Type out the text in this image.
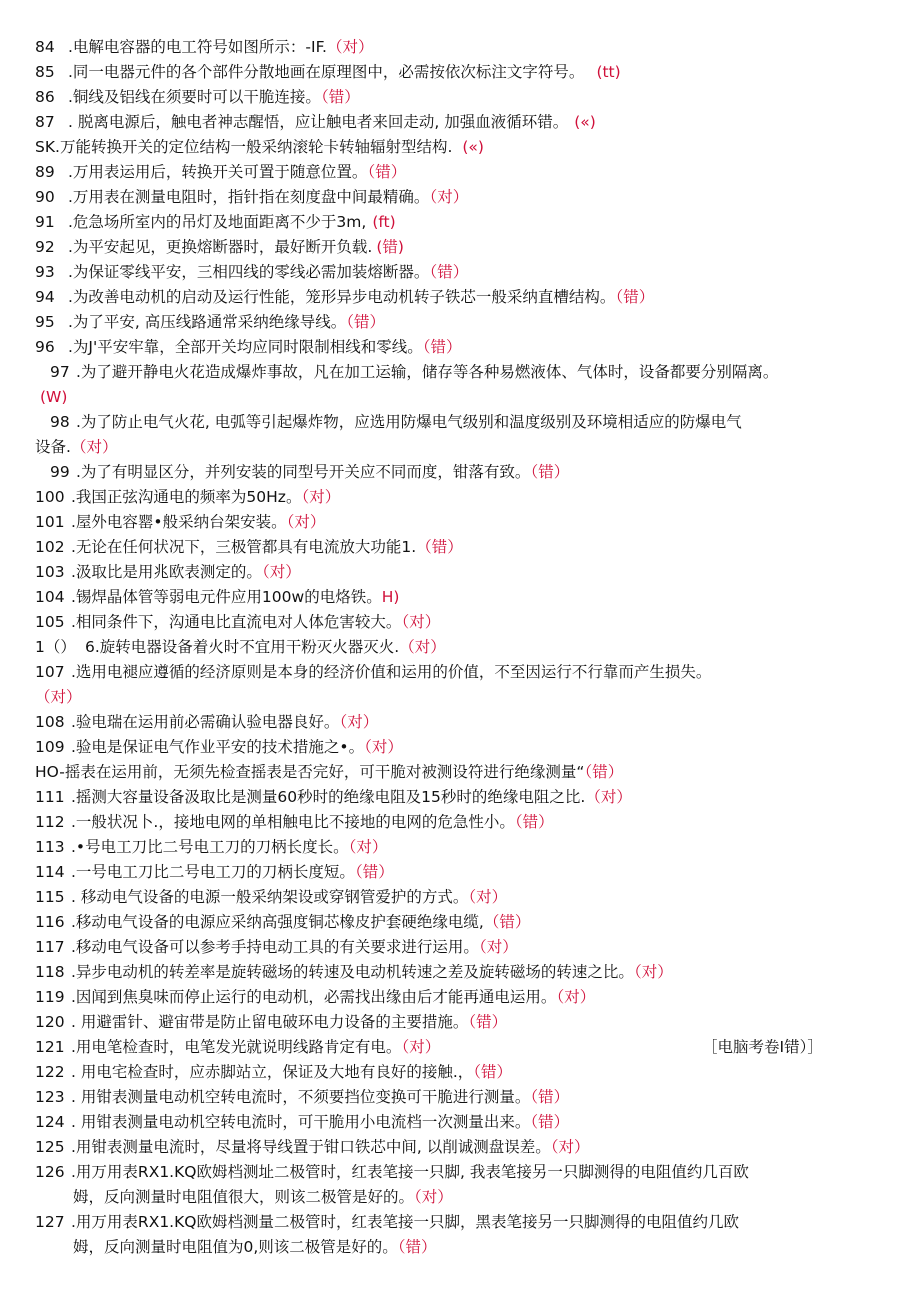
84 .电解电容器的电工符号如图所示：-IF.（对）
85 .同一电器元件的各个部件分散地画在原理图中，必需按依次标注文字符号。 (tt)
86 .铜线及铝线在须要时可以干脆连接。（错）
87 . 脱离电源后，触电者神志醒悟，应让触电者来回走动, 加强血液循环错。 («)
SK.万能转换开关的定位结构一般采纳滚轮卡转轴辐射型结构. («)
89 .万用表运用后，转换开关可置于随意位置。（错）
90 .万用表在测量电阻时，指针指在刻度盘中间最精确。（对）
91 .危急场所室内的吊灯及地面距离不少于3m, (ft)
92 .为平安起见，更换熔断器时，最好断开负载. (错)
93 .为保证零线平安，三相四线的零线必需加装熔断器。（错）
94 .为改善电动机的启动及运行性能，笼形异步电动机转子铁芯一般采纳直槽结构。（错）
95 .为了平安, 高压线路通常采纳绝缘导线。（错）
96 .为J'平安牢靠，全部开关均应同时限制相线和零线。（错）
97 .为了避开静电火花造成爆炸事故，凡在加工运输，储存等各种易燃液体、气体时，设备都要分别隔离。
(W)
98 .为了防止电气火花, 电弧等引起爆炸物，应选用防爆电气级别和温度级别及环境相适应的防爆电气
设备.（对）
99 .为了有明显区分，并列安装的同型号开关应不同而度，钳落有致。（错）
100 .我国正弦沟通电的频率为50Hz。（对）
101 .屋外电容罂•般采纳台架安装。（对）
102 .无论在任何状况下，三极管都具有电流放大功能1.（错）
103 .汲取比是用兆欧表测定的。（对）
104 .锡焊晶体管等弱电元件应用100w的电烙铁。H)
105 .相同条件下，沟通电比直流电对人体危害较大。（对）
1（） 6.旋转电器设备着火时不宜用干粉灭火器灭火.（对）
107 .选用电褪应遵循的经济原则是本身的经济价值和运用的价值，不至因运行不行靠而产生损失。
（对）
108 .验电瑞在运用前必需确认验电器良好。（对）
109 .验电是保证电气作业平安的技术措施之•。（对）
HO-摇表在运用前，无须先检查摇表是否完好，可干脆对被测设符进行绝缘测量“（错）
111 .摇测大容量设备汲取比是测量60秒时的绝缘电阻及15秒时的绝缘电阻之比.（对）
112 .一般状况卜.，接地电网的单相触电比不接地的电网的危急性小。（错）
113 .•号电工刀比二号电工刀的刀柄长度长。（对）
114 .一号电工刀比二号电工刀的刀柄长度短。（错）
115 . 移动电气设备的电源一般采纳架设或穿钢管爱护的方式。（对）
116 .移动电气设备的电源应采纳高强度铜芯橡皮护套硬绝缘电缆,（错）
117 .移动电气设备可以参考手持电动工具的有关要求进行运用。（对）
118 .异步电动机的转差率是旋转磁场的转速及电动机转速之差及旋转磁场的转速之比。（对）
119 .因闻到焦臭味而停止运行的电动机，必需找出缘由后才能再通电运用。（对）
120 . 用避雷针、避宙带是防止留电破环电力设备的主要措施。（错）
121 .用电笔检查时，电笔发光就说明线路肯定有电。（对）	［电脑考卷I错）］
122 . 用电宅检查时，应赤脚站立，保证及大地有良好的接触.，（错）
123 . 用钳表测量电动机空转电流时，不须要挡位变换可干脆进行测量。（错）
124 . 用钳表测量电动机空转电流时，可干脆用小电流档一次测量出来。（错）
125 .用钳表测量电流时，尽量将导线置于钳口铁芯中间, 以削诚测盘误差。（对）
126 .用万用表RX1.KQ欧姆档测址二极管时，红表笔接一只脚, 我表笔接另一只脚测得的电阻值约几百欧
姆，反向测量时电阻值很大，则该二极管是好的。（对）
127 .用万用表RX1.KQ欧姆档测量二极管时，红表笔接一只脚，黑表笔接另一只脚测得的电阻值约几欧
姆，反向测量时电阻值为0,则该二极管是好的。（错）
